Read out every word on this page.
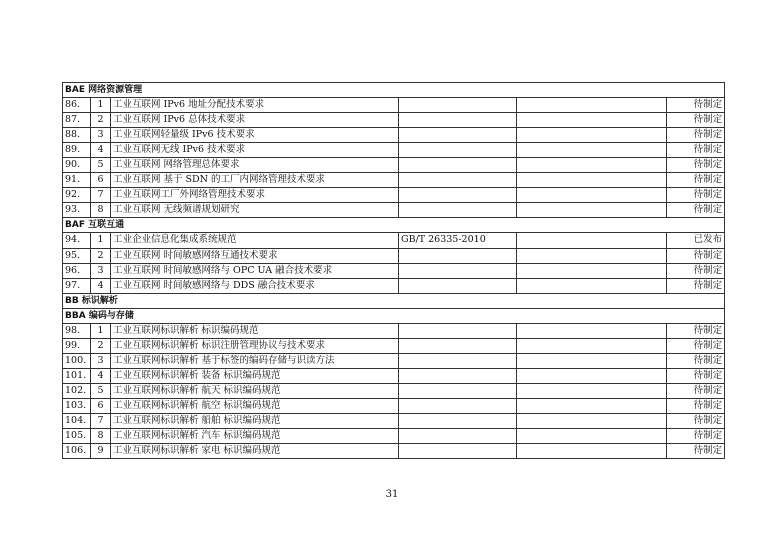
BAE 网络资源管理					
86.	1	工业互联网 IPv6 地址分配技术要求			待制定
87.	2	工业互联网 IPv6 总体技术要求			待制定
88.	3	工业互联网轻量级 IPv6 技术要求			待制定
89.	4	工业互联网无线 IPv6 技术要求			待制定
90.	5	工业互联网 网络管理总体要求			待制定
91.	6	工业互联网 基于 SDN 的工厂内网络管理技术要求			待制定
92.	7	工业互联网工厂外网络管理技术要求			待制定
93.	8	工业互联网 无线频谱规划研究			待制定
BAF 互联互通					
94.	1	工业企业信息化集成系统规范	GB/T 26335-2010		已发布
95.	2	工业互联网 时间敏感网络互通技术要求			待制定
96.	3	工业互联网 时间敏感网络与 OPC UA 融合技术要求			待制定
97.	4	工业互联网 时间敏感网络与 DDS 融合技术要求			待制定
BB 标识解析					
BBA 编码与存储					
98.	1	工业互联网标识解析 标识编码规范			待制定
99.	2	工业互联网标识解析 标识注册管理协议与技术要求			待制定
100.	3	工业互联网标识解析 基于标签的编码存储与识读方法			待制定
101.	4	工业互联网标识解析 装备 标识编码规范			待制定
102.	5	工业互联网标识解析 航天 标识编码规范			待制定
103.	6	工业互联网标识解析 航空 标识编码规范			待制定
104.	7	工业互联网标识解析 船舶 标识编码规范			待制定
105.	8	工业互联网标识解析 汽车 标识编码规范			待制定
106.	9	工业互联网标识解析 家电 标识编码规范			待制定
31
